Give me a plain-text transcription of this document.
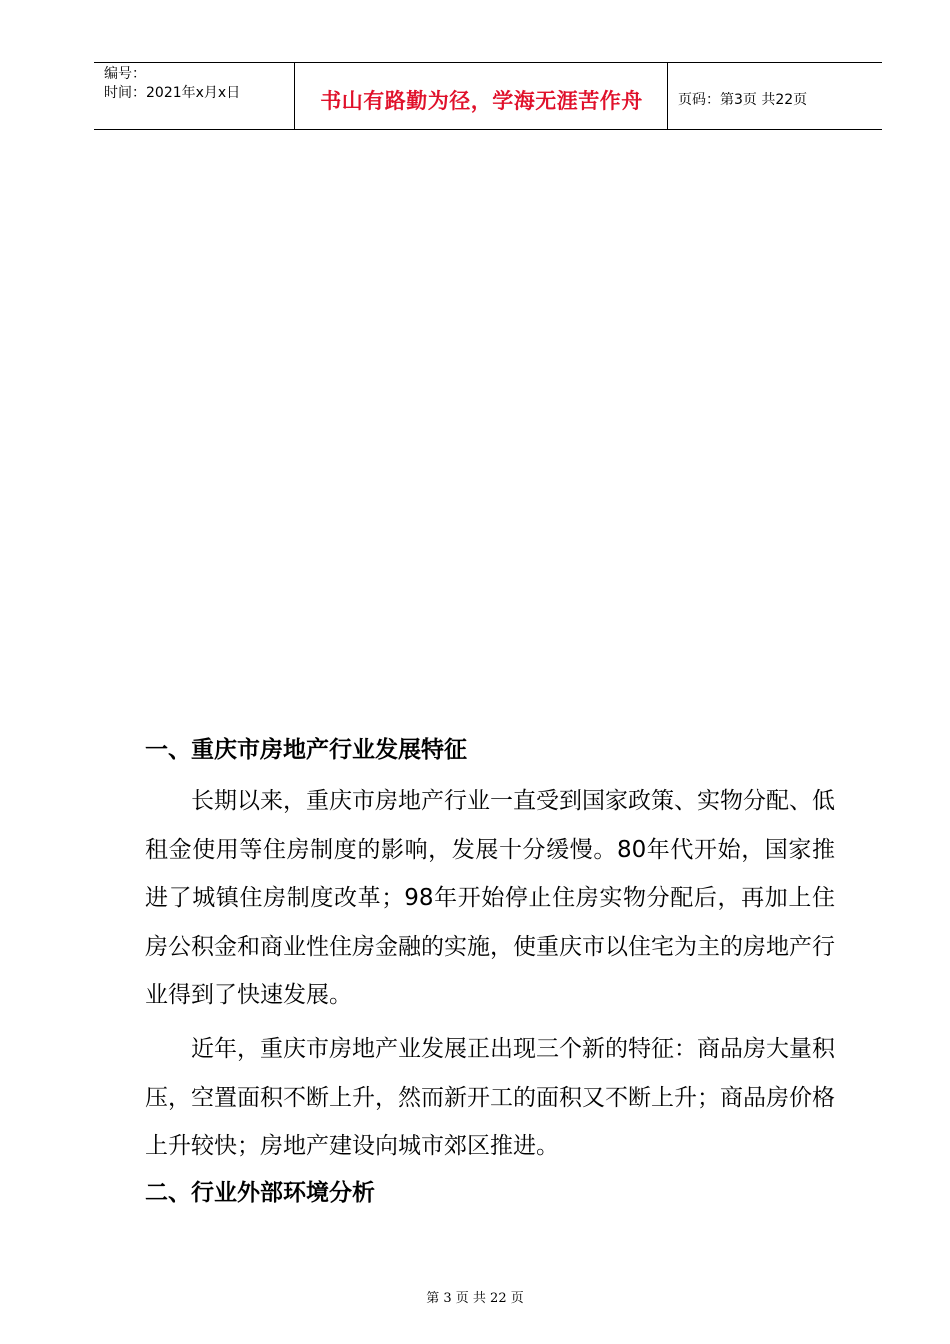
编号：
时间：2021年x月x日	书山有路勤为径，学海无涯苦作舟	页码：第3页 共22页
一、重庆市房地产行业发展特征

长期以来，重庆市房地产行业一直受到国家政策、实物分配、低租金使用等住房制度的影响，发展十分缓慢。80年代开始，国家推进了城镇住房制度改革；98年开始停止住房实物分配后，再加上住房公积金和商业性住房金融的实施，使重庆市以住宅为主的房地产行业得到了快速发展。

近年，重庆市房地产业发展正出现三个新的特征：商品房大量积压，空置面积不断上升，然而新开工的面积又不断上升；商品房价格上升较快；房地产建设向城市郊区推进。

二、行业外部环境分析
第 3 页 共 22 页
